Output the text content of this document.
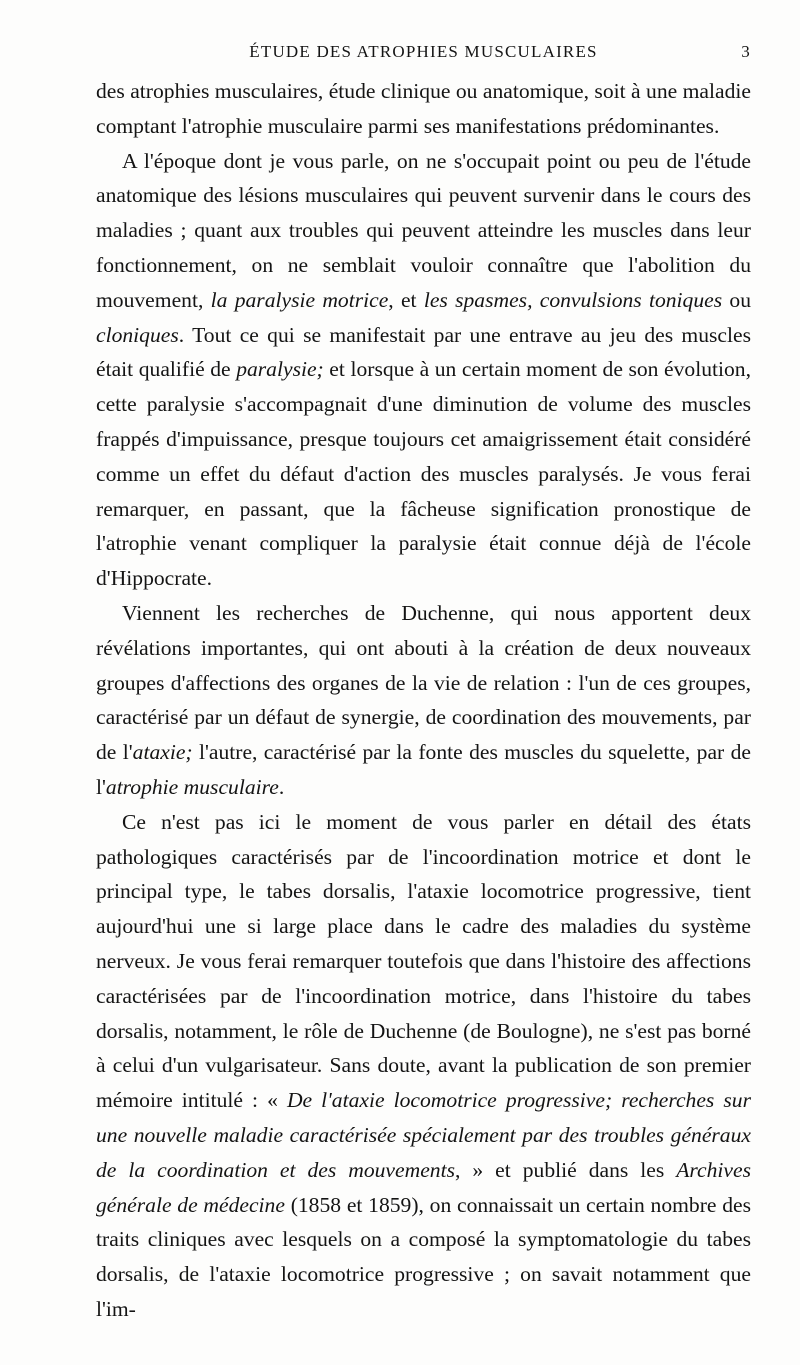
ÉTUDE DES ATROPHIES MUSCULAIRES	3

des atrophies musculaires, étude clinique ou anatomique, soit à une maladie comptant l'atrophie musculaire parmi ses manifestations prédominantes.

A l'époque dont je vous parle, on ne s'occupait point ou peu de l'étude anatomique des lésions musculaires qui peuvent survenir dans le cours des maladies ; quant aux troubles qui peuvent atteindre les muscles dans leur fonctionnement, on ne semblait vouloir connaître que l'abolition du mouvement, la paralysie motrice, et les spasmes, convulsions toniques ou cloniques. Tout ce qui se manifestait par une entrave au jeu des muscles était qualifié de paralysie; et lorsque à un certain moment de son évolution, cette paralysie s'accompagnait d'une diminution de volume des muscles frappés d'impuissance, presque toujours cet amaigrissement était considéré comme un effet du défaut d'action des muscles paralysés. Je vous ferai remarquer, en passant, que la fâcheuse signification pronostique de l'atrophie venant compliquer la paralysie était connue déjà de l'école d'Hippocrate.

Viennent les recherches de Duchenne, qui nous apportent deux révélations importantes, qui ont abouti à la création de deux nouveaux groupes d'affections des organes de la vie de relation : l'un de ces groupes, caractérisé par un défaut de synergie, de coordination des mouvements, par de l'ataxie; l'autre, caractérisé par la fonte des muscles du squelette, par de l'atrophie musculaire.

Ce n'est pas ici le moment de vous parler en détail des états pathologiques caractérisés par de l'incoordination motrice et dont le principal type, le tabes dorsalis, l'ataxie locomotrice progressive, tient aujourd'hui une si large place dans le cadre des maladies du système nerveux. Je vous ferai remarquer toutefois que dans l'histoire des affections caractérisées par de l'incoordination motrice, dans l'histoire du tabes dorsalis, notamment, le rôle de Duchenne (de Boulogne), ne s'est pas borné à celui d'un vulgarisateur. Sans doute, avant la publication de son premier mémoire intitulé : « De l'ataxie locomotrice progressive; recherches sur une nouvelle maladie caractérisée spécialement par des troubles généraux de la coordination et des mouvements, » et publié dans les Archives générale de médecine (1858 et 1859), on connaissait un certain nombre des traits cliniques avec lesquels on a composé la symptomatologie du tabes dorsalis, de l'ataxie locomotrice progressive ; on savait notamment que l'im-
